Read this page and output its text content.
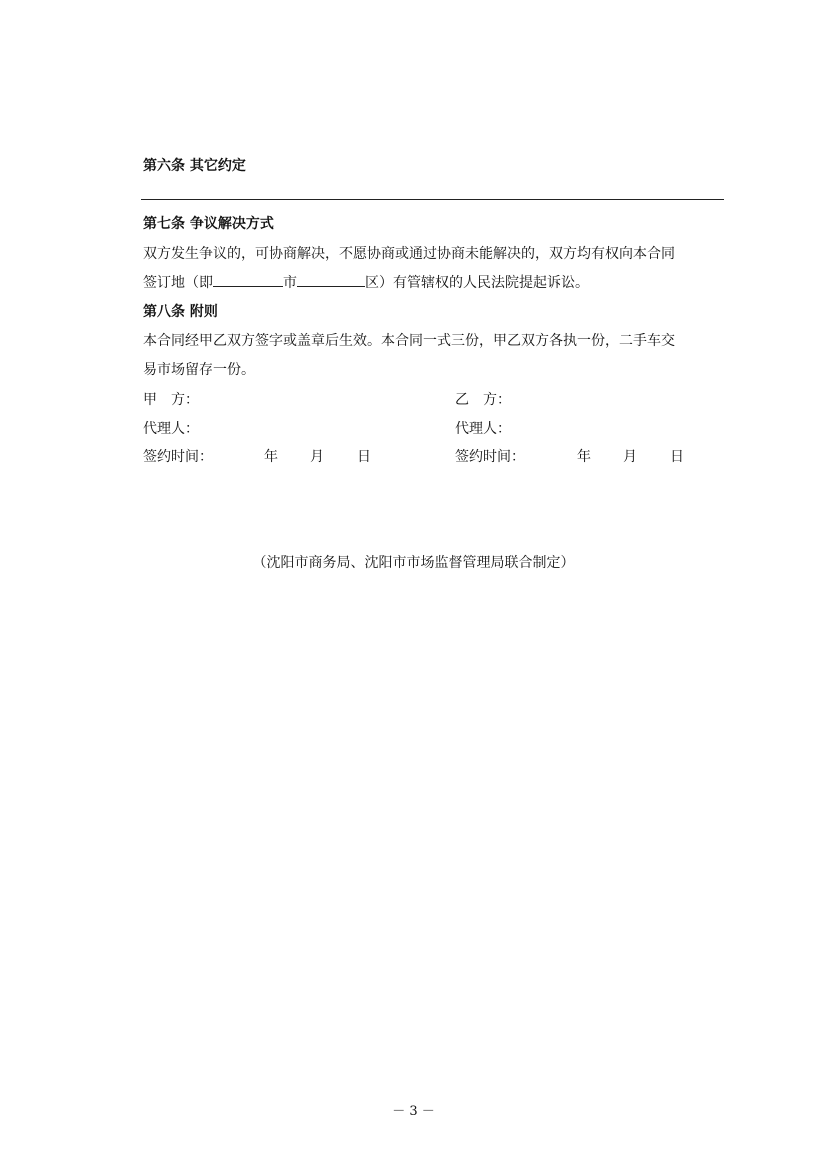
第六条 其它约定
第七条 争议解决方式
双方发生争议的，可协商解决，不愿协商或通过协商未能解决的，双方均有权向本合同
签订地（即	市	区）有管辖权的人民法院提起诉讼。
第八条 附则
本合同经甲乙双方签字或盖章后生效。本合同一式三份，甲乙双方各执一份，二手车交
易市场留存一份。
甲　方：	乙　方：
代理人：	代理人：
签约时间：	年 月 日	签约时间：	年 月 日
（沈阳市商务局、沈阳市市场监督管理局联合制定）
－ 3 －
